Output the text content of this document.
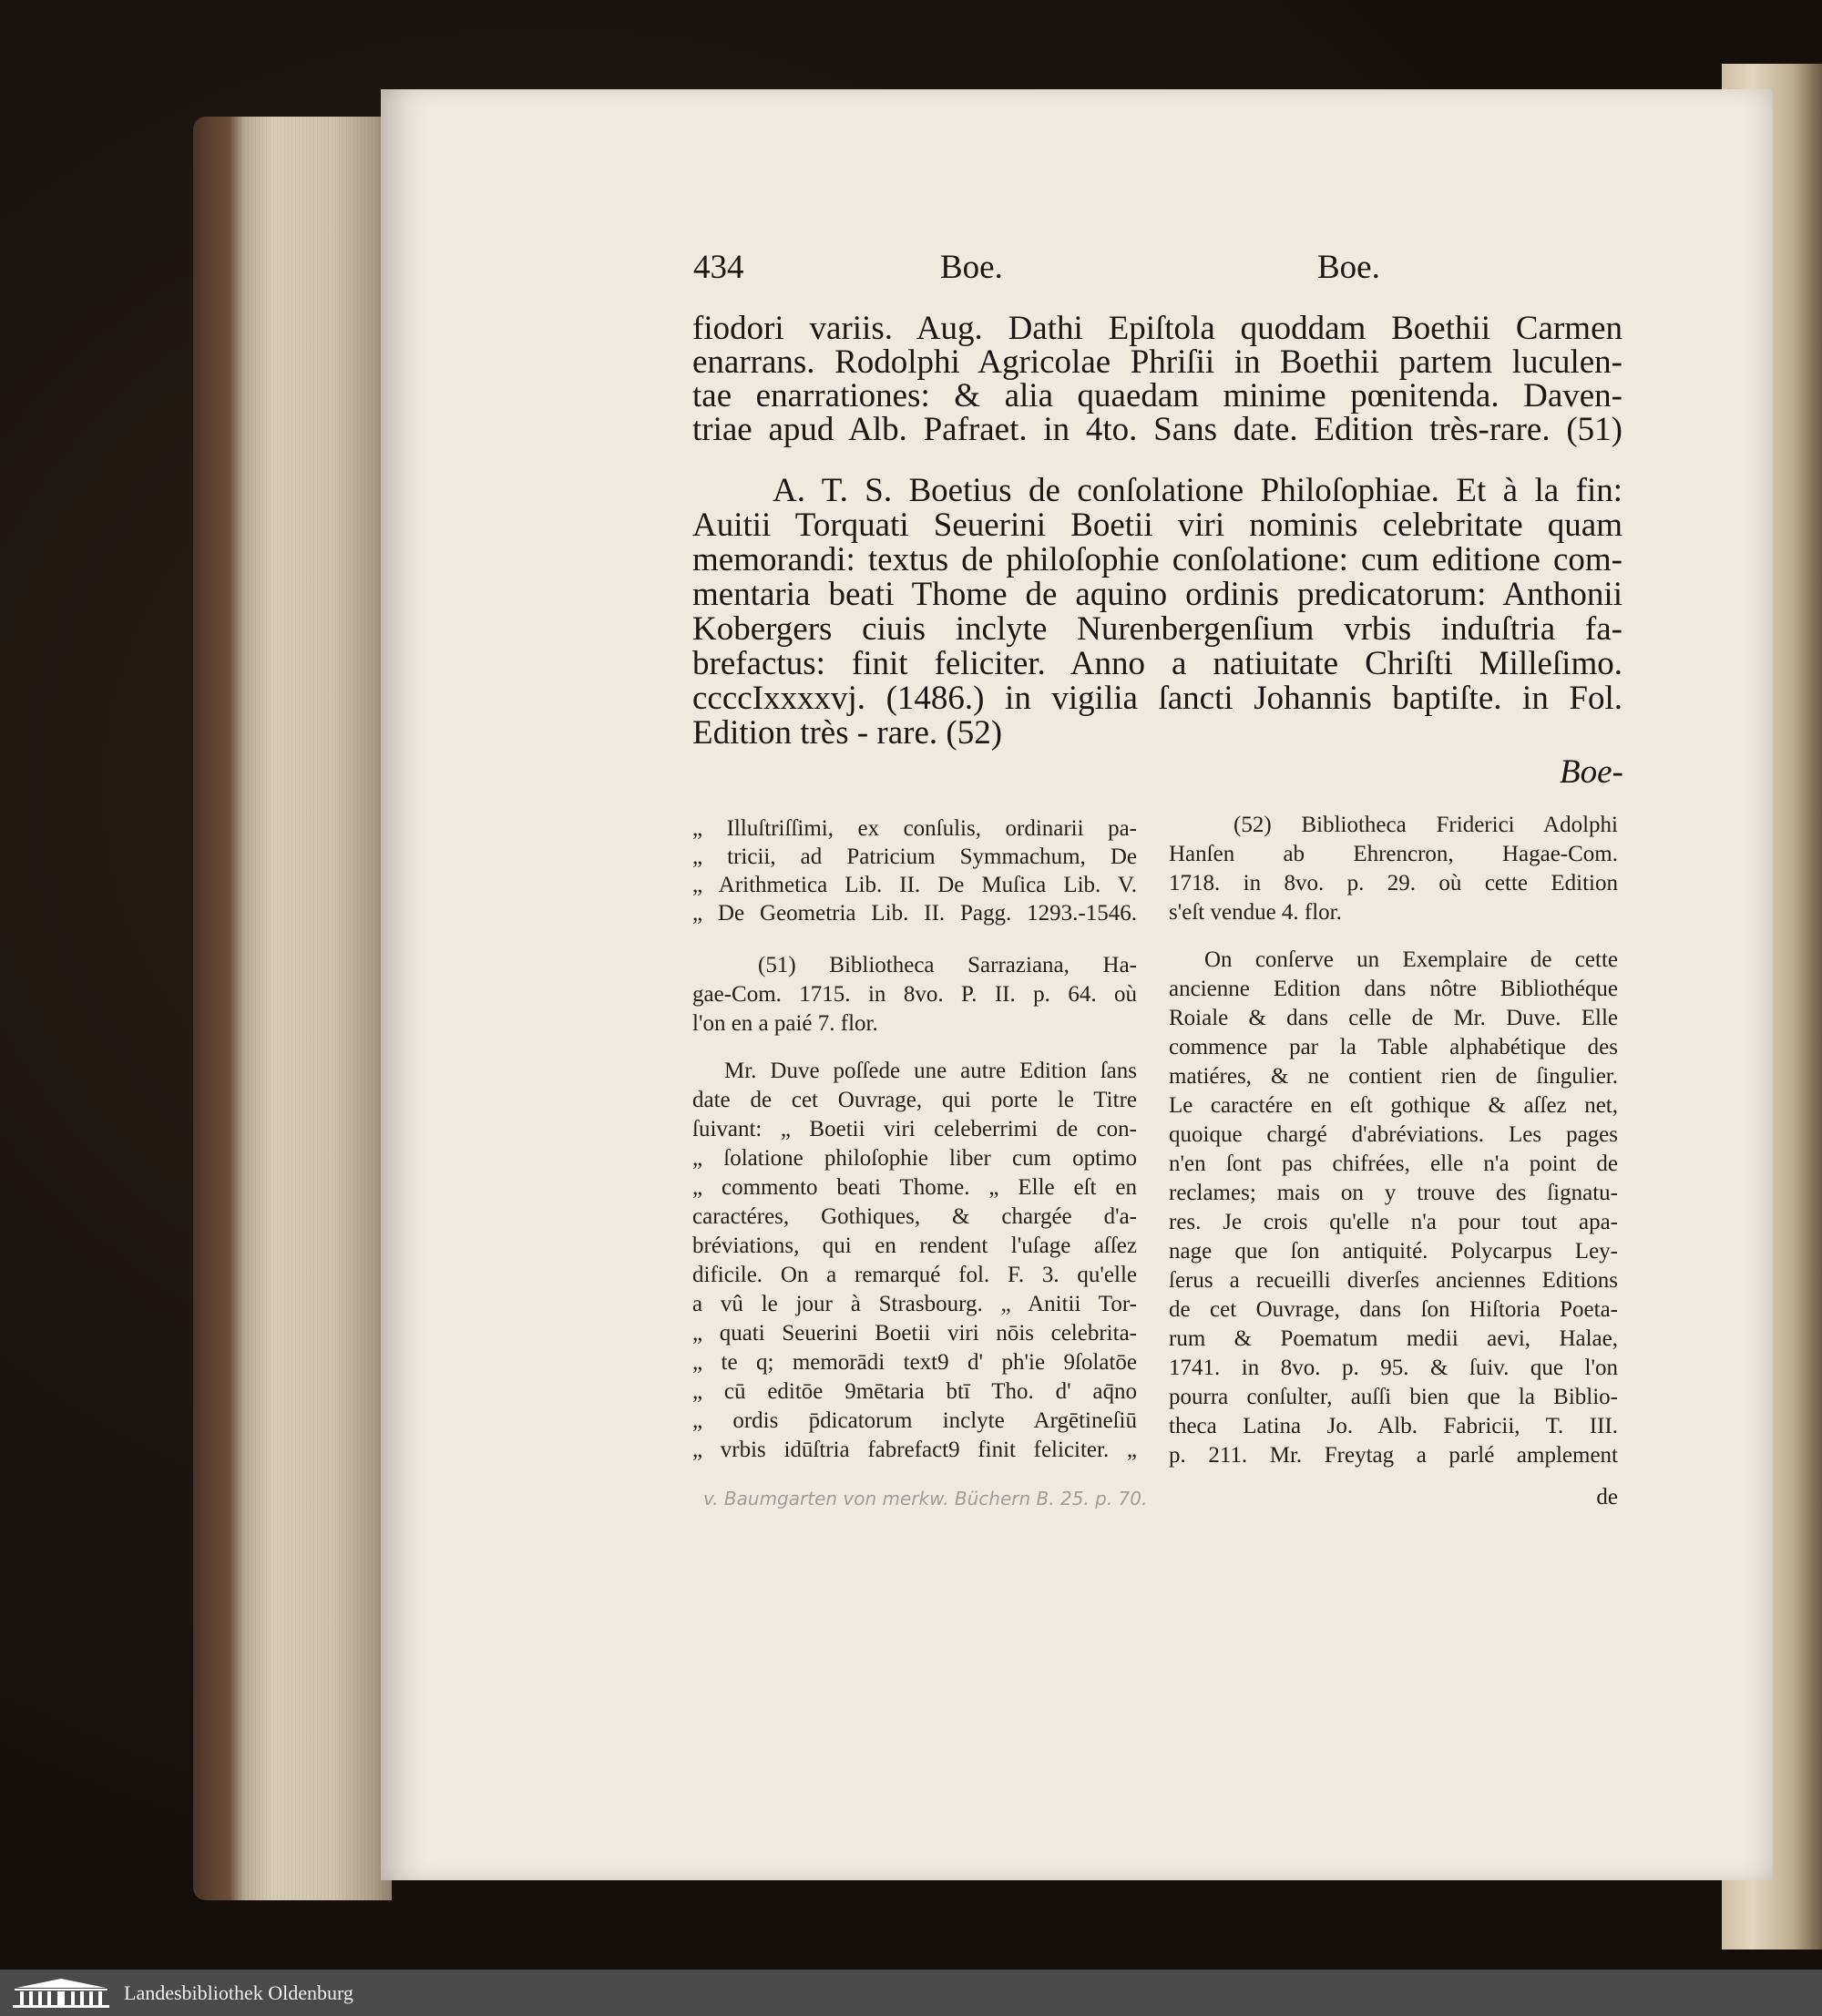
434	Boe.	Boe.
fiodori variis. Aug. Dathi Epiſtola quoddam Boethii Carmen
enarrans. Rodolphi Agricolae Phriſii in Boethii partem luculen-
tae enarrationes: & alia quaedam minime pœnitenda. Daven-
triae apud Alb. Pafraet. in 4to. Sans date. Edition très-rare. (51)
A. T. S. Boetius de conſolatione Philoſophiae. Et à la fin:
Auitii Torquati Seuerini Boetii viri nominis celebritate quam
memorandi: textus de philoſophie conſolatione: cum editione com-
mentaria beati Thome de aquino ordinis predicatorum: Anthonii
Kobergers ciuis inclyte Nurenbergenſium vrbis induſtria fa-
brefactus: finit feliciter. Anno a natiuitate Chriſti Milleſimo.
ccccIxxxxvj. (1486.) in vigilia ſancti Johannis baptiſte. in Fol.
Edition très - rare. (52)
Boe-
„ Illuſtriſſimi, ex conſulis, ordinarii pa-
„ tricii, ad Patricium Symmachum, De
„ Arithmetica Lib. II. De Muſica Lib. V.
„ De Geometria Lib. II. Pagg. 1293.-1546.
(51) Bibliotheca Sarraziana, Ha-
gae-Com. 1715. in 8vo. P. II. p. 64. où
l'on en a paié 7. flor.
Mr. Duve poſſede une autre Edition ſans
date de cet Ouvrage, qui porte le Titre
ſuivant: „ Boetii viri celeberrimi de con-
„ ſolatione philoſophie liber cum optimo
„ commento beati Thome. „ Elle eſt en
caractéres, Gothiques, & chargée d'a-
bréviations, qui en rendent l'uſage aſſez
dificile. On a remarqué fol. F. 3. qu'elle
a vû le jour à Strasbourg. „ Anitii Tor-
„ quati Seuerini Boetii viri nōis celebrita-
„ te q; memorādi text9 d' ph'ie 9ſolatōe
„ cū editōe 9mētaria btī Tho. d' aq̄no
„ ordis p̄dicatorum inclyte Argētineſiū
„ vrbis idūſtria fabrefact9 finit feliciter. „
v. Baumgarten von merkw. Büchern B. 25. p. 70.
(52) Bibliotheca Friderici Adolphi
Hanſen ab Ehrencron, Hagae-Com.
1718. in 8vo. p. 29. où cette Edition
s'eſt vendue 4. flor.
On conſerve un Exemplaire de cette
ancienne Edition dans nôtre Bibliothéque
Roiale & dans celle de Mr. Duve. Elle
commence par la Table alphabétique des
matiéres, & ne contient rien de ſingulier.
Le caractére en eſt gothique & aſſez net,
quoique chargé d'abréviations. Les pages
n'en ſont pas chifrées, elle n'a point de
reclames; mais on y trouve des ſignatu-
res. Je crois qu'elle n'a pour tout apa-
nage que ſon antiquité. Polycarpus Ley-
ſerus a recueilli diverſes anciennes Editions
de cet Ouvrage, dans ſon Hiſtoria Poeta-
rum & Poematum medii aevi, Halae,
1741. in 8vo. p. 95. & ſuiv. que l'on
pourra conſulter, auſſi bien que la Biblio-
theca Latina Jo. Alb. Fabricii, T. III.
p. 211. Mr. Freytag a parlé amplement
de
Landesbibliothek Oldenburg
